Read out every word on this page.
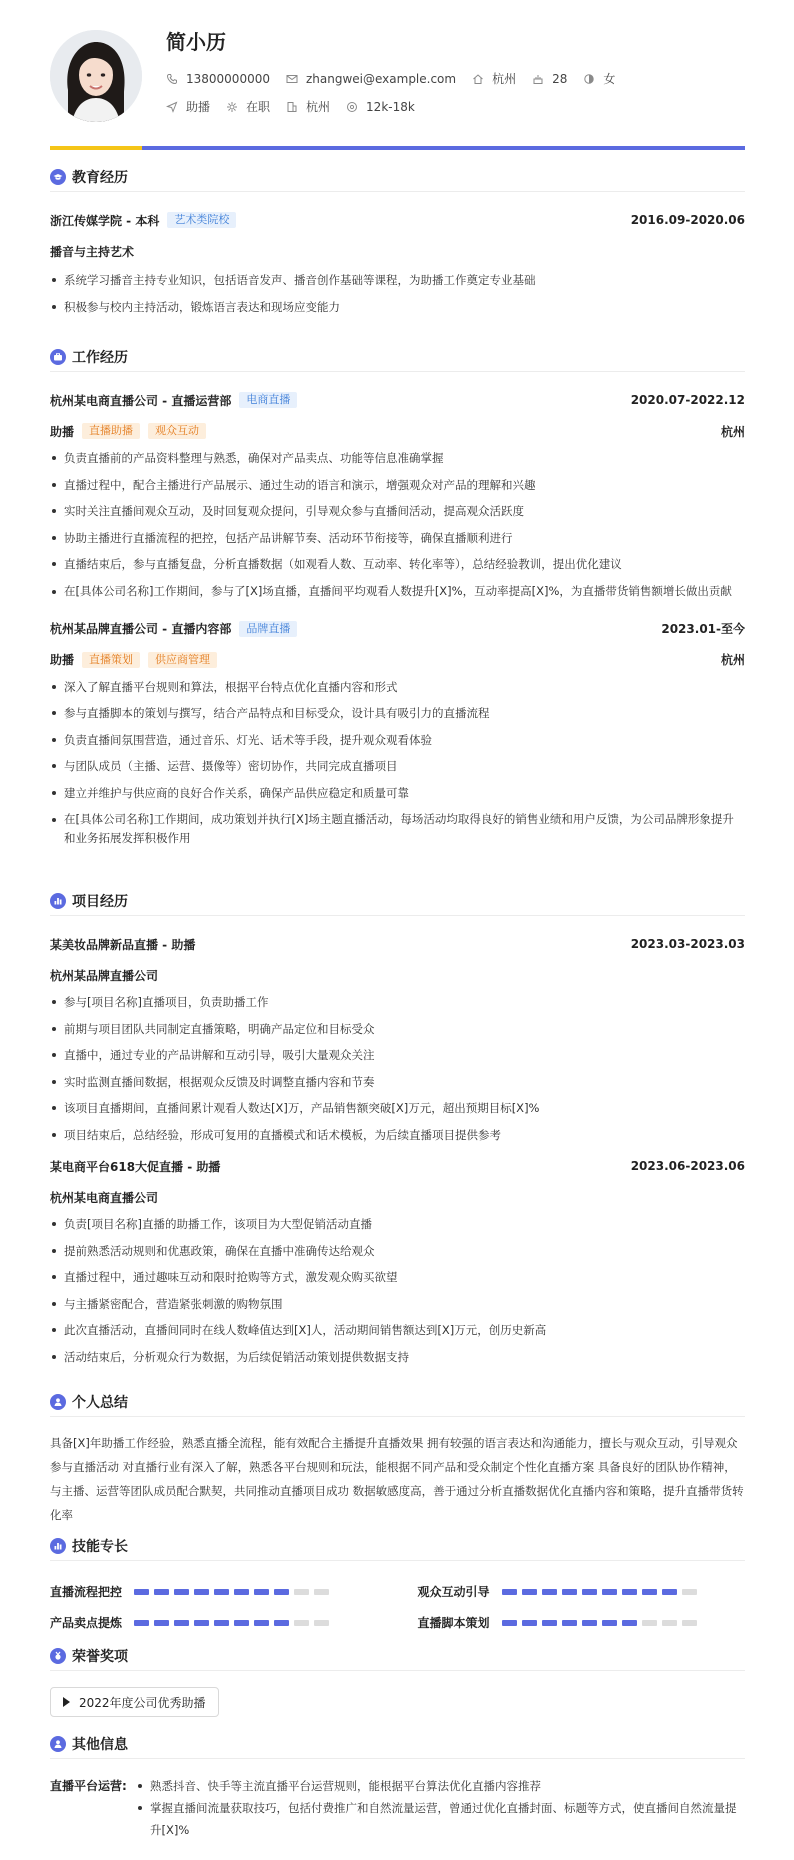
简小历
13800000000	zhangwei@example.com	杭州	28	女
助播	在职	杭州	12k-18k
教育经历
浙江传媒学院 - 本科	艺术类院校	2016.09-2020.06
播音与主持艺术
系统学习播音主持专业知识，包括语音发声、播音创作基础等课程，为助播工作奠定专业基础
积极参与校内主持活动，锻炼语言表达和现场应变能力
工作经历
杭州某电商直播公司 - 直播运营部	电商直播	2020.07-2022.12
助播	直播助播	观众互动	杭州
负责直播前的产品资料整理与熟悉，确保对产品卖点、功能等信息准确掌握
直播过程中，配合主播进行产品展示、通过生动的语言和演示，增强观众对产品的理解和兴趣
实时关注直播间观众互动，及时回复观众提问，引导观众参与直播间活动，提高观众活跃度
协助主播进行直播流程的把控，包括产品讲解节奏、活动环节衔接等，确保直播顺利进行
直播结束后，参与直播复盘，分析直播数据（如观看人数、互动率、转化率等），总结经验教训，提出优化建议
在[具体公司名称]工作期间，参与了[X]场直播，直播间平均观看人数提升[X]%，互动率提高[X]%，为直播带货销售额增长做出贡献
杭州某品牌直播公司 - 直播内容部	品牌直播	2023.01-至今
助播	直播策划	供应商管理	杭州
深入了解直播平台规则和算法，根据平台特点优化直播内容和形式
参与直播脚本的策划与撰写，结合产品特点和目标受众，设计具有吸引力的直播流程
负责直播间氛围营造，通过音乐、灯光、话术等手段，提升观众观看体验
与团队成员（主播、运营、摄像等）密切协作，共同完成直播项目
建立并维护与供应商的良好合作关系，确保产品供应稳定和质量可靠
在[具体公司名称]工作期间，成功策划并执行[X]场主题直播活动，每场活动均取得良好的销售业绩和用户反馈，为公司品牌形象提升和业务拓展发挥积极作用
项目经历
某美妆品牌新品直播 - 助播	2023.03-2023.03
杭州某品牌直播公司
参与[项目名称]直播项目，负责助播工作
前期与项目团队共同制定直播策略，明确产品定位和目标受众
直播中，通过专业的产品讲解和互动引导，吸引大量观众关注
实时监测直播间数据，根据观众反馈及时调整直播内容和节奏
该项目直播期间，直播间累计观看人数达[X]万，产品销售额突破[X]万元，超出预期目标[X]%
项目结束后，总结经验，形成可复用的直播模式和话术模板，为后续直播项目提供参考
某电商平台618大促直播 - 助播	2023.06-2023.06
杭州某电商直播公司
负责[项目名称]直播的助播工作，该项目为大型促销活动直播
提前熟悉活动规则和优惠政策，确保在直播中准确传达给观众
直播过程中，通过趣味互动和限时抢购等方式，激发观众购买欲望
与主播紧密配合，营造紧张刺激的购物氛围
此次直播活动，直播间同时在线人数峰值达到[X]人，活动期间销售额达到[X]万元，创历史新高
活动结束后，分析观众行为数据，为后续促销活动策划提供数据支持
个人总结
具备[X]年助播工作经验，熟悉直播全流程，能有效配合主播提升直播效果 拥有较强的语言表达和沟通能力，擅长与观众互动，引导观众参与直播活动 对直播行业有深入了解，熟悉各平台规则和玩法，能根据不同产品和受众制定个性化直播方案 具备良好的团队协作精神，与主播、运营等团队成员配合默契，共同推动直播项目成功 数据敏感度高，善于通过分析直播数据优化直播内容和策略，提升直播带货转化率
技能专长
直播流程把控	观众互动引导
产品卖点提炼	直播脚本策划
荣誉奖项
2022年度公司优秀助播
其他信息
直播平台运营:	熟悉抖音、快手等主流直播平台运营规则，能根据平台算法优化直播内容推荐
掌握直播间流量获取技巧，包括付费推广和自然流量运营，曾通过优化直播封面、标题等方式，使直播间自然流量提升[X]%
